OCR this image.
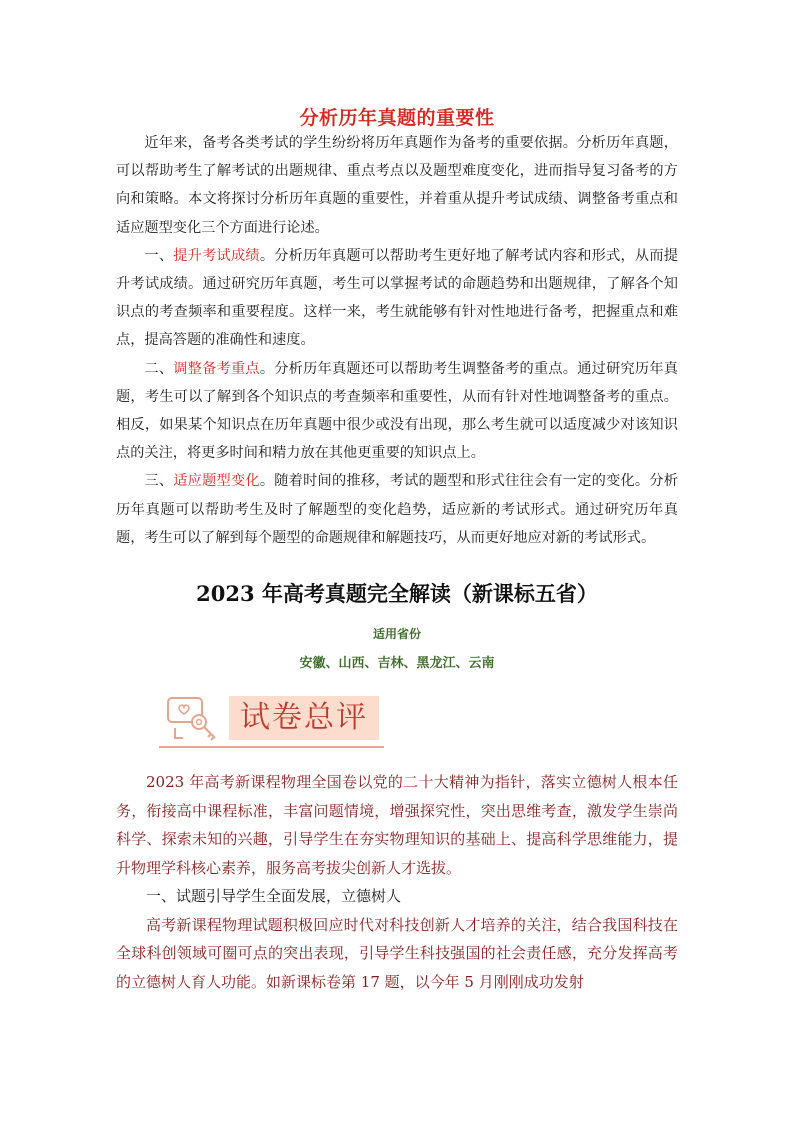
分析历年真题的重要性

近年来，备考各类考试的学生纷纷将历年真题作为备考的重要依据。分析历年真题，可以帮助考生了解考试的出题规律、重点考点以及题型难度变化，进而指导复习备考的方向和策略。本文将探讨分析历年真题的重要性，并着重从提升考试成绩、调整备考重点和适应题型变化三个方面进行论述。

一、提升考试成绩。分析历年真题可以帮助考生更好地了解考试内容和形式，从而提升考试成绩。通过研究历年真题，考生可以掌握考试的命题趋势和出题规律，了解各个知识点的考查频率和重要程度。这样一来，考生就能够有针对性地进行备考，把握重点和难点，提高答题的准确性和速度。

二、调整备考重点。分析历年真题还可以帮助考生调整备考的重点。通过研究历年真题，考生可以了解到各个知识点的考查频率和重要性，从而有针对性地调整备考的重点。相反，如果某个知识点在历年真题中很少或没有出现，那么考生就可以适度减少对该知识点的关注，将更多时间和精力放在其他更重要的知识点上。

三、适应题型变化。随着时间的推移，考试的题型和形式往往会有一定的变化。分析历年真题可以帮助考生及时了解题型的变化趋势，适应新的考试形式。通过研究历年真题，考生可以了解到每个题型的命题规律和解题技巧，从而更好地应对新的考试形式。

2023 年高考真题完全解读（新课标五省）
适用省份
安徽、山西、吉林、黑龙江、云南
试卷总评

2023 年高考新课程物理全国卷以党的二十大精神为指针，落实立德树人根本任务，衔接高中课程标准，丰富问题情境，增强探究性，突出思维考查，激发学生崇尚科学、探索未知的兴趣，引导学生在夯实物理知识的基础上、提高科学思维能力，提升物理学科核心素养，服务高考拔尖创新人才选拔。

一、试题引导学生全面发展，立德树人

高考新课程物理试题积极回应时代对科技创新人才培养的关注，结合我国科技在全球科创领域可圈可点的突出表现，引导学生科技强国的社会责任感，充分发挥高考的立德树人育人功能。如新课标卷第 17 题，以今年 5 月刚刚成功发射
